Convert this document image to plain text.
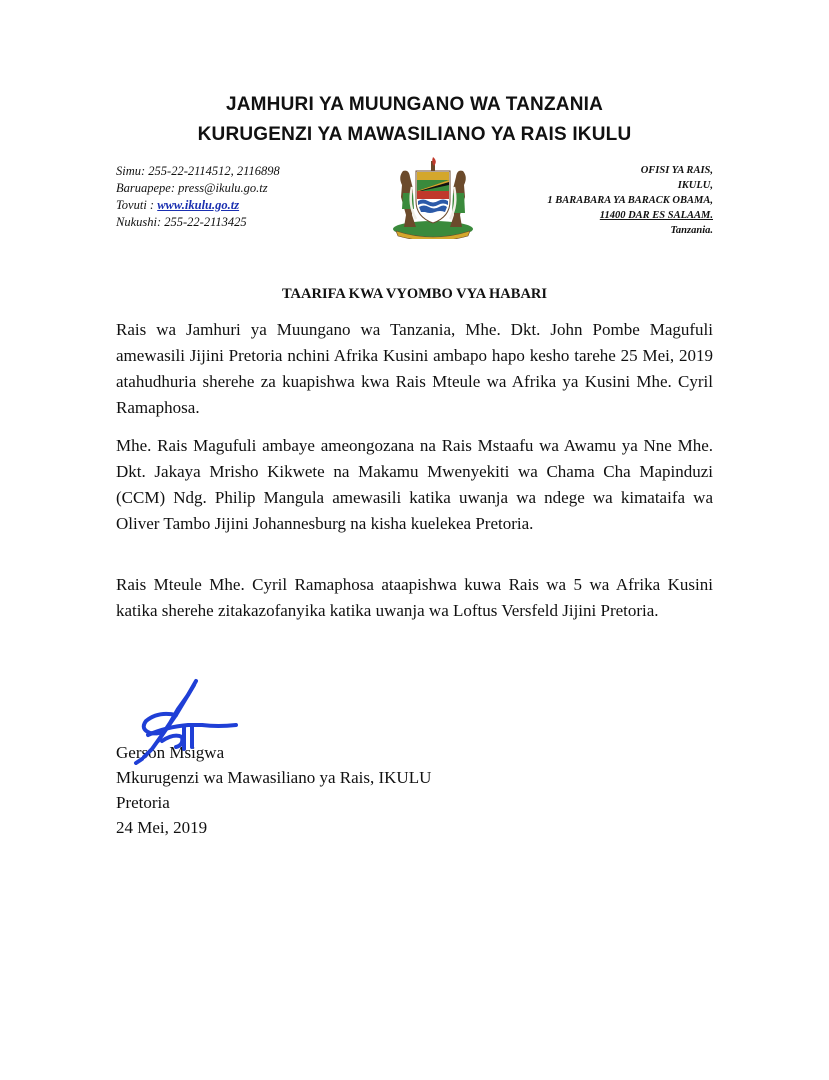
JAMHURI YA MUUNGANO WA TANZANIA
KURUGENZI YA MAWASILIANO YA RAIS IKULU
Simu: 255-22-2114512, 2116898
Baruapepe: press@ikulu.go.tz
Tovuti : www.ikulu.go.tz
Nukushi: 255-22-2113425
OFISI YA RAIS,
IKULU,
1 BARABARA YA BARACK OBAMA,
11400 DAR ES SALAAM.
Tanzania.
TAARIFA KWA VYOMBO VYA HABARI

Rais wa Jamhuri ya Muungano wa Tanzania, Mhe. Dkt. John Pombe Magufuli amewasili Jijini Pretoria nchini Afrika Kusini ambapo hapo kesho tarehe 25 Mei, 2019 atahudhuria sherehe za kuapishwa kwa Rais Mteule wa Afrika ya Kusini Mhe. Cyril Ramaphosa.

Mhe. Rais Magufuli ambaye ameongozana na Rais Mstaafu wa Awamu ya Nne Mhe. Dkt. Jakaya Mrisho Kikwete na Makamu Mwenyekiti wa Chama Cha Mapinduzi (CCM) Ndg. Philip Mangula amewasili katika uwanja wa ndege wa kimataifa wa Oliver Tambo Jijini Johannesburg na kisha kuelekea Pretoria.

Rais Mteule Mhe. Cyril Ramaphosa ataapishwa kuwa Rais wa 5 wa Afrika Kusini katika sherehe zitakazofanyika katika uwanja wa Loftus Versfeld Jijini Pretoria.

Gerson Msigwa
Mkurugenzi wa Mawasiliano ya Rais, IKULU
Pretoria
24 Mei, 2019
